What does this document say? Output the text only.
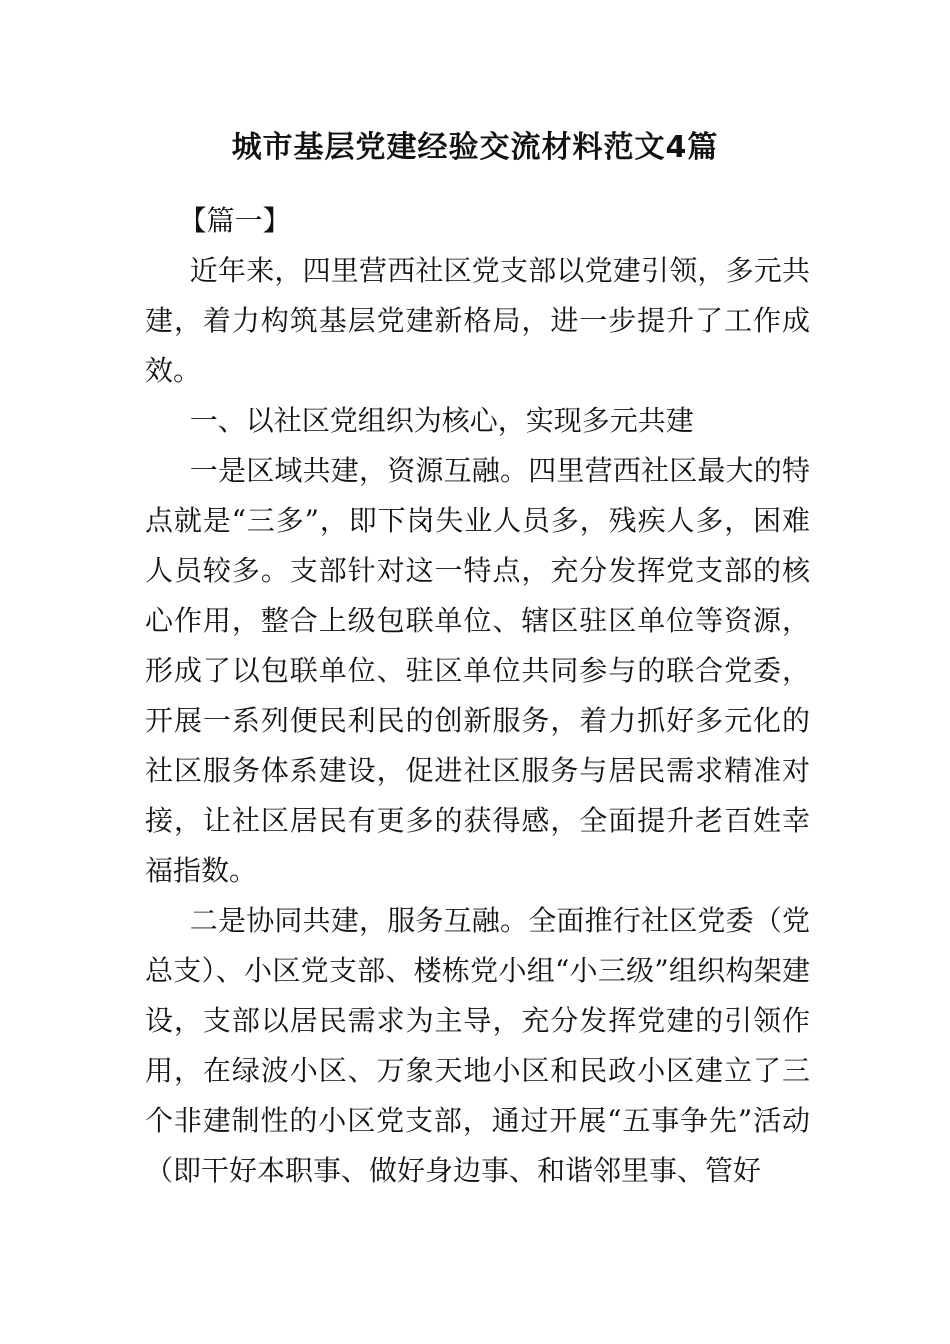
城市基层党建经验交流材料范文4篇

【篇一】

近年来，四里营西社区党支部以党建引领，多元共建，着力构筑基层党建新格局，进一步提升了工作成效。

一、以社区党组织为核心，实现多元共建

一是区域共建，资源互融。四里营西社区最大的特点就是“三多”，即下岗失业人员多，残疾人多，困难人员较多。支部针对这一特点，充分发挥党支部的核心作用，整合上级包联单位、辖区驻区单位等资源，形成了以包联单位、驻区单位共同参与的联合党委，开展一系列便民利民的创新服务，着力抓好多元化的社区服务体系建设，促进社区服务与居民需求精准对接，让社区居民有更多的获得感，全面提升老百姓幸福指数。

二是协同共建，服务互融。全面推行社区党委（党总支）、小区党支部、楼栋党小组“小三级”组织构架建设，支部以居民需求为主导，充分发挥党建的引领作用，在绿波小区、万象天地小区和民政小区建立了三个非建制性的小区党支部，通过开展“五事争先”活动（即干好本职事、做好身边事、和谐邻里事、管好
